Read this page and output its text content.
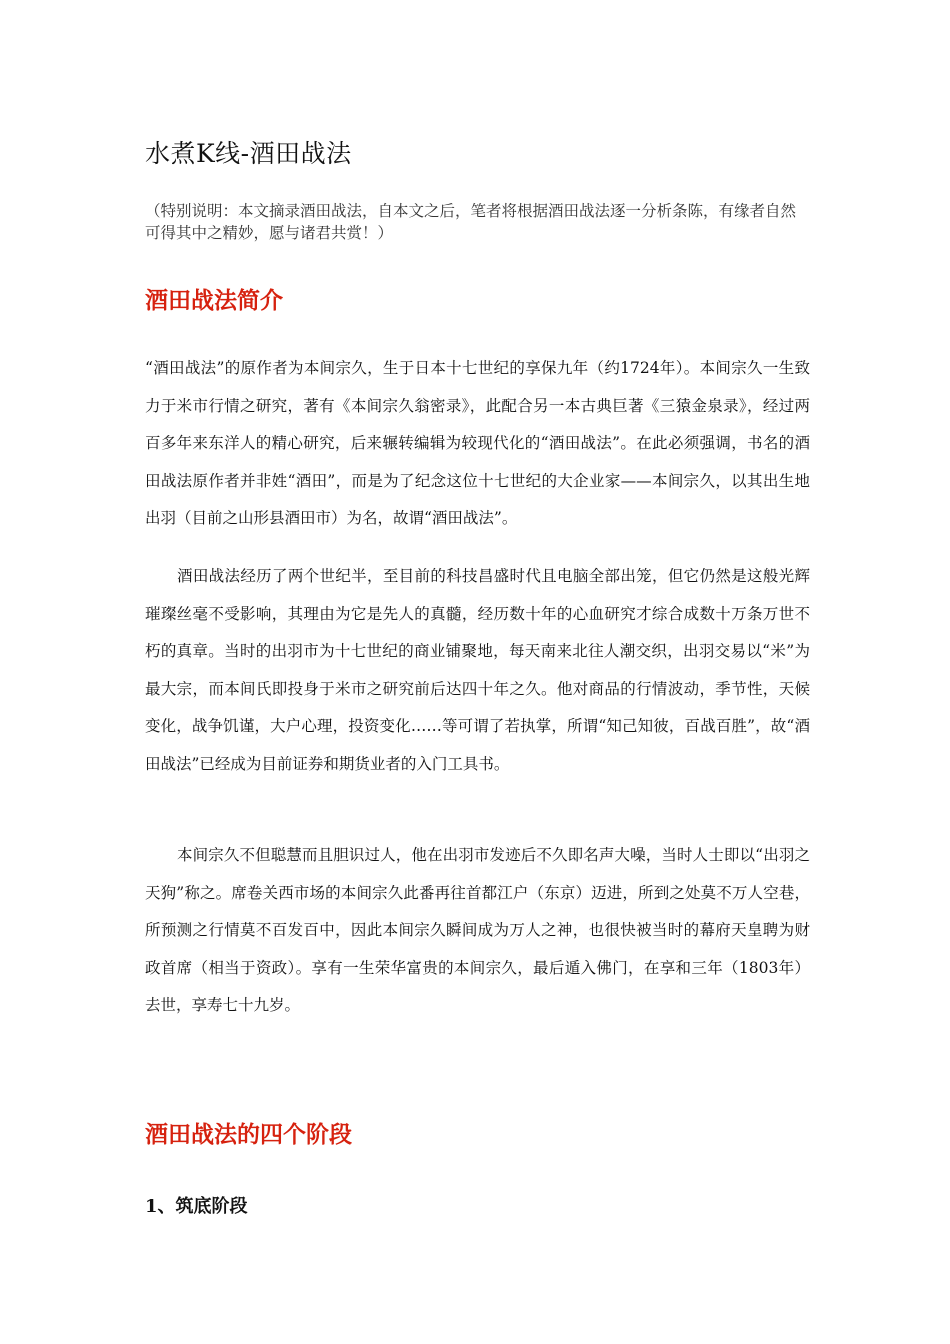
水煮K线-酒田战法

（特别说明：本文摘录酒田战法，自本文之后，笔者将根据酒田战法逐一分析条陈，有缘者自然可得其中之精妙，愿与诸君共赏！）

酒田战法简介

“酒田战法”的原作者为本间宗久，生于日本十七世纪的享保九年（约1724年）。本间宗久一生致力于米市行情之研究，著有《本间宗久翁密录》，此配合另一本古典巨著《三猿金泉录》，经过两百多年来东洋人的精心研究，后来辗转编辑为较现代化的“酒田战法”。在此必须强调，书名的酒田战法原作者并非姓“酒田”，而是为了纪念这位十七世纪的大企业家——本间宗久，以其出生地出羽（目前之山形县酒田市）为名，故谓“酒田战法”。

酒田战法经历了两个世纪半，至目前的科技昌盛时代且电脑全部出笼，但它仍然是这般光辉璀璨丝毫不受影响，其理由为它是先人的真髓，经历数十年的心血研究才综合成数十万条万世不朽的真章。当时的出羽市为十七世纪的商业铺聚地，每天南来北往人潮交织，出羽交易以“米”为最大宗，而本间氏即投身于米市之研究前后达四十年之久。他对商品的行情波动，季节性，天候变化，战争饥谨，大户心理，投资变化……等可谓了若执掌，所谓“知己知彼，百战百胜”，故“酒田战法”已经成为目前证券和期货业者的入门工具书。

本间宗久不但聪慧而且胆识过人，他在出羽市发迹后不久即名声大噪，当时人士即以“出羽之天狗”称之。席卷关西市场的本间宗久此番再往首都江户（东京）迈进，所到之处莫不万人空巷，所预测之行情莫不百发百中，因此本间宗久瞬间成为万人之神，也很快被当时的幕府天皇聘为财政首席（相当于资政）。享有一生荣华富贵的本间宗久，最后遁入佛门，在享和三年（1803年）去世，享寿七十九岁。

酒田战法的四个阶段
1、筑底阶段
